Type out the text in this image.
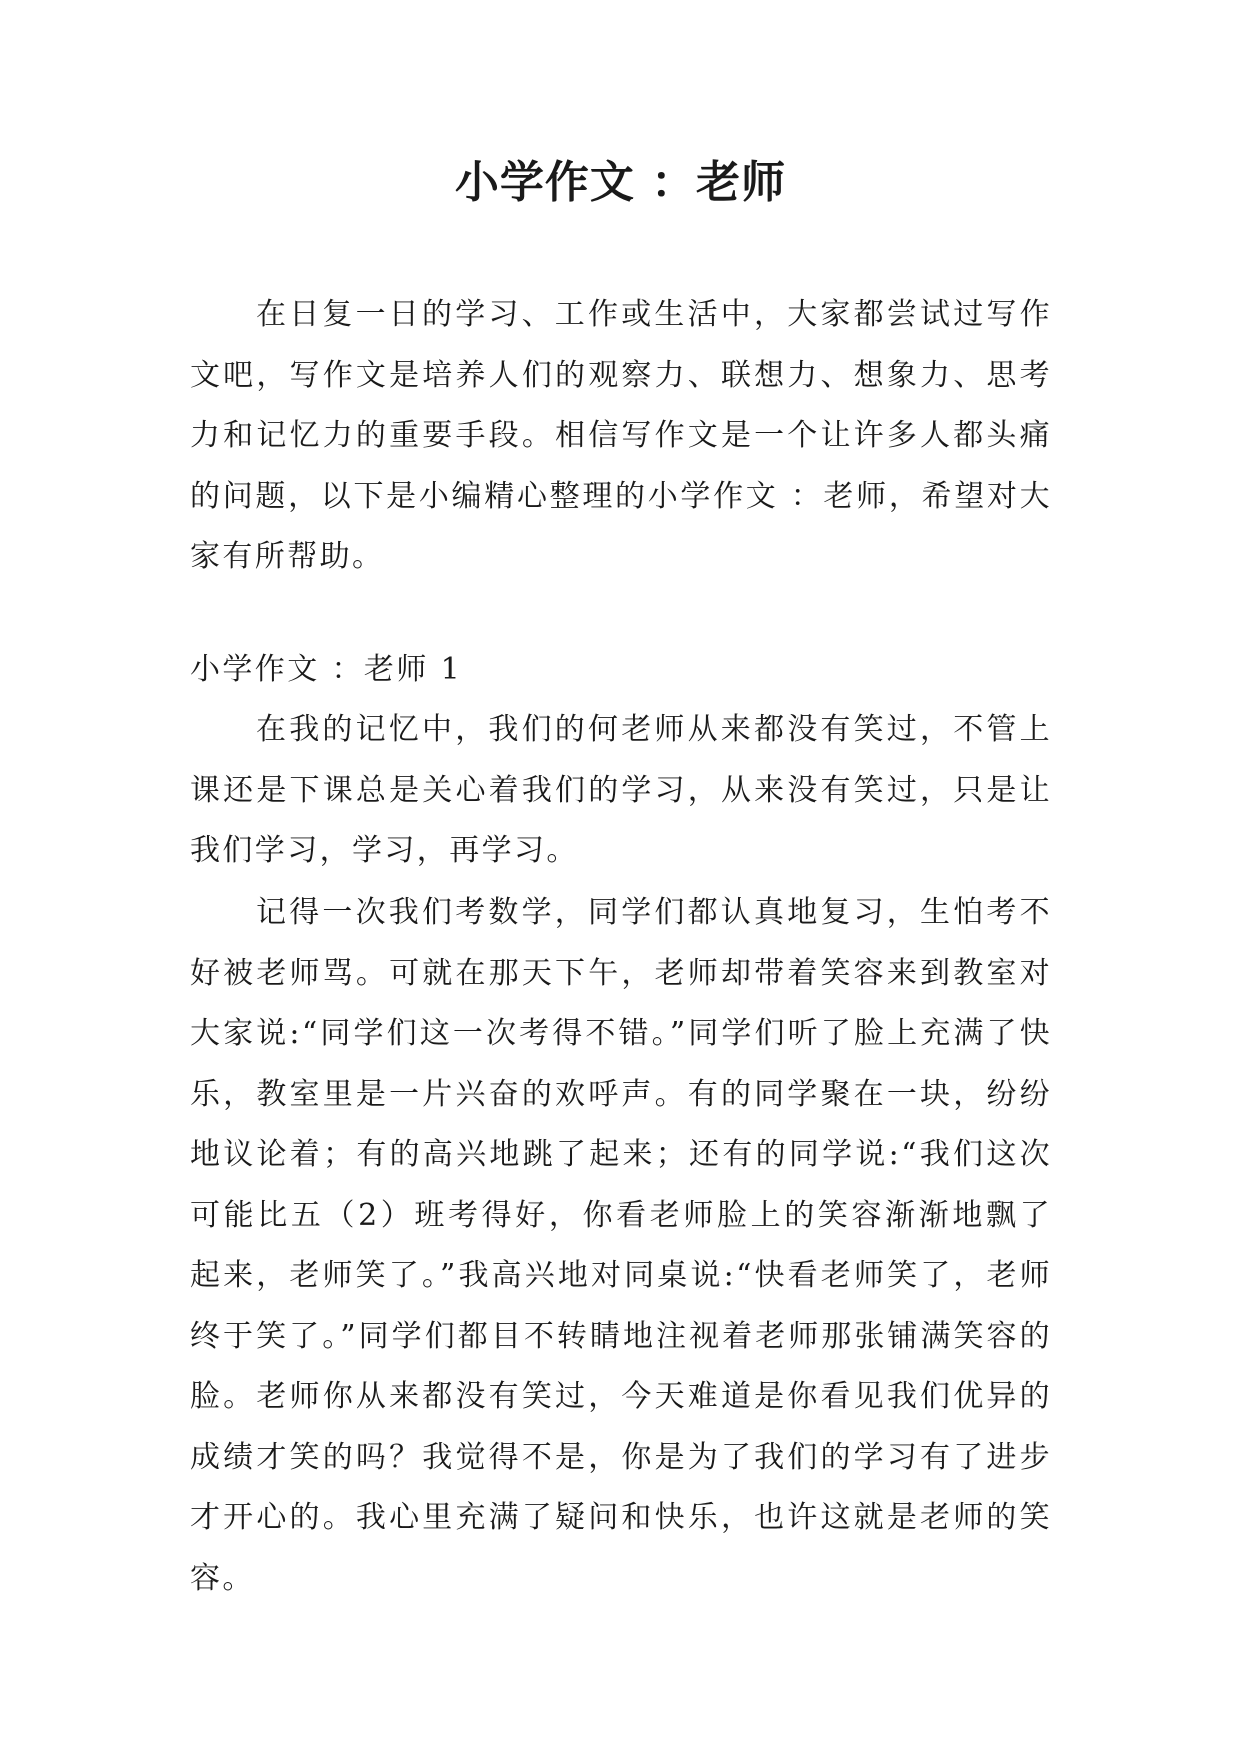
小学作文 ：老师

在日复一日的学习、工作或生活中，大家都尝试过写作文吧，写作文是培养人们的观察力、联想力、想象力、思考力和记忆力的重要手段。相信写作文是一个让许多人都头痛的问题，以下是小编精心整理的小学作文 ：老师，希望对大家有所帮助。

小学作文 ：老师 1

在我的记忆中，我们的何老师从来都没有笑过，不管上课还是下课总是关心着我们的学习，从来没有笑过，只是让我们学习，学习，再学习。

记得一次我们考数学，同学们都认真地复习，生怕考不好被老师骂。可就在那天下午，老师却带着笑容来到教室对大家说:“同学们这一次考得不错。”同学们听了脸上充满了快乐，教室里是一片兴奋的欢呼声。有的同学聚在一块，纷纷地议论着；有的高兴地跳了起来；还有的同学说:“我们这次可能比五（2）班考得好，你看老师脸上的笑容渐渐地飘了起来，老师笑了。”我高兴地对同桌说:“快看老师笑了，老师终于笑了。”同学们都目不转睛地注视着老师那张铺满笑容的脸。老师你从来都没有笑过，今天难道是你看见我们优异的成绩才笑的吗？我觉得不是，你是为了我们的学习有了进步才开心的。我心里充满了疑问和快乐，也许这就是老师的笑容。
